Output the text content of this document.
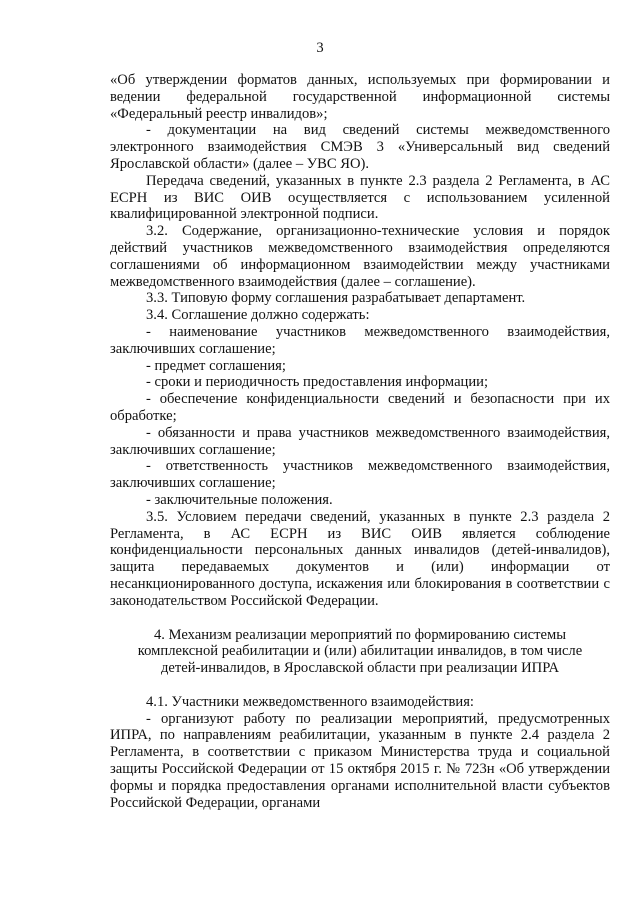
3

«Об утверждении форматов данных, используемых при формировании и ведении федеральной государственной информационной системы «Федеральный реестр инвалидов»;

- документации на вид сведений системы межведомственного электронного взаимодействия СМЭВ 3 «Универсальный вид сведений Ярославской области» (далее – УВС ЯО).

Передача сведений, указанных в пункте 2.3 раздела 2 Регламента, в АС ЕСРН из ВИС ОИВ осуществляется с использованием усиленной квалифицированной электронной подписи.

3.2. Содержание, организационно-технические условия и порядок действий участников межведомственного взаимодействия определяются соглашениями об информационном взаимодействии между участниками межведомственного взаимодействия (далее – соглашение).

3.3. Типовую форму соглашения разрабатывает департамент.

3.4. Соглашение должно содержать:

- наименование участников межведомственного взаимодействия, заключивших соглашение;

- предмет соглашения;

- сроки и периодичность предоставления информации;

- обеспечение конфиденциальности сведений и безопасности при их обработке;

- обязанности и права участников межведомственного взаимодействия, заключивших соглашение;

- ответственность участников межведомственного взаимодействия, заключивших соглашение;

- заключительные положения.

3.5. Условием передачи сведений, указанных в пункте 2.3 раздела 2 Регламента, в АС ЕСРН из ВИС ОИВ является соблюдение конфиденциальности персональных данных инвалидов (детей-инвалидов), защита передаваемых документов и (или) информации от несанкционированного доступа, искажения или блокирования в соответствии с законодательством Российской Федерации.

4. Механизм реализации мероприятий по формированию системы
комплексной реабилитации и (или) абилитации инвалидов, в том числе
детей-инвалидов, в Ярославской области при реализации ИПРА

4.1. Участники межведомственного взаимодействия:

- организуют работу по реализации мероприятий, предусмотренных ИПРА, по направлениям реабилитации, указанным в пункте 2.4 раздела 2 Регламента, в соответствии с приказом Министерства труда и социальной защиты Российской Федерации от 15 октября 2015 г. № 723н «Об утверждении формы и порядка предоставления органами исполнительной власти субъектов Российской Федерации, органами
